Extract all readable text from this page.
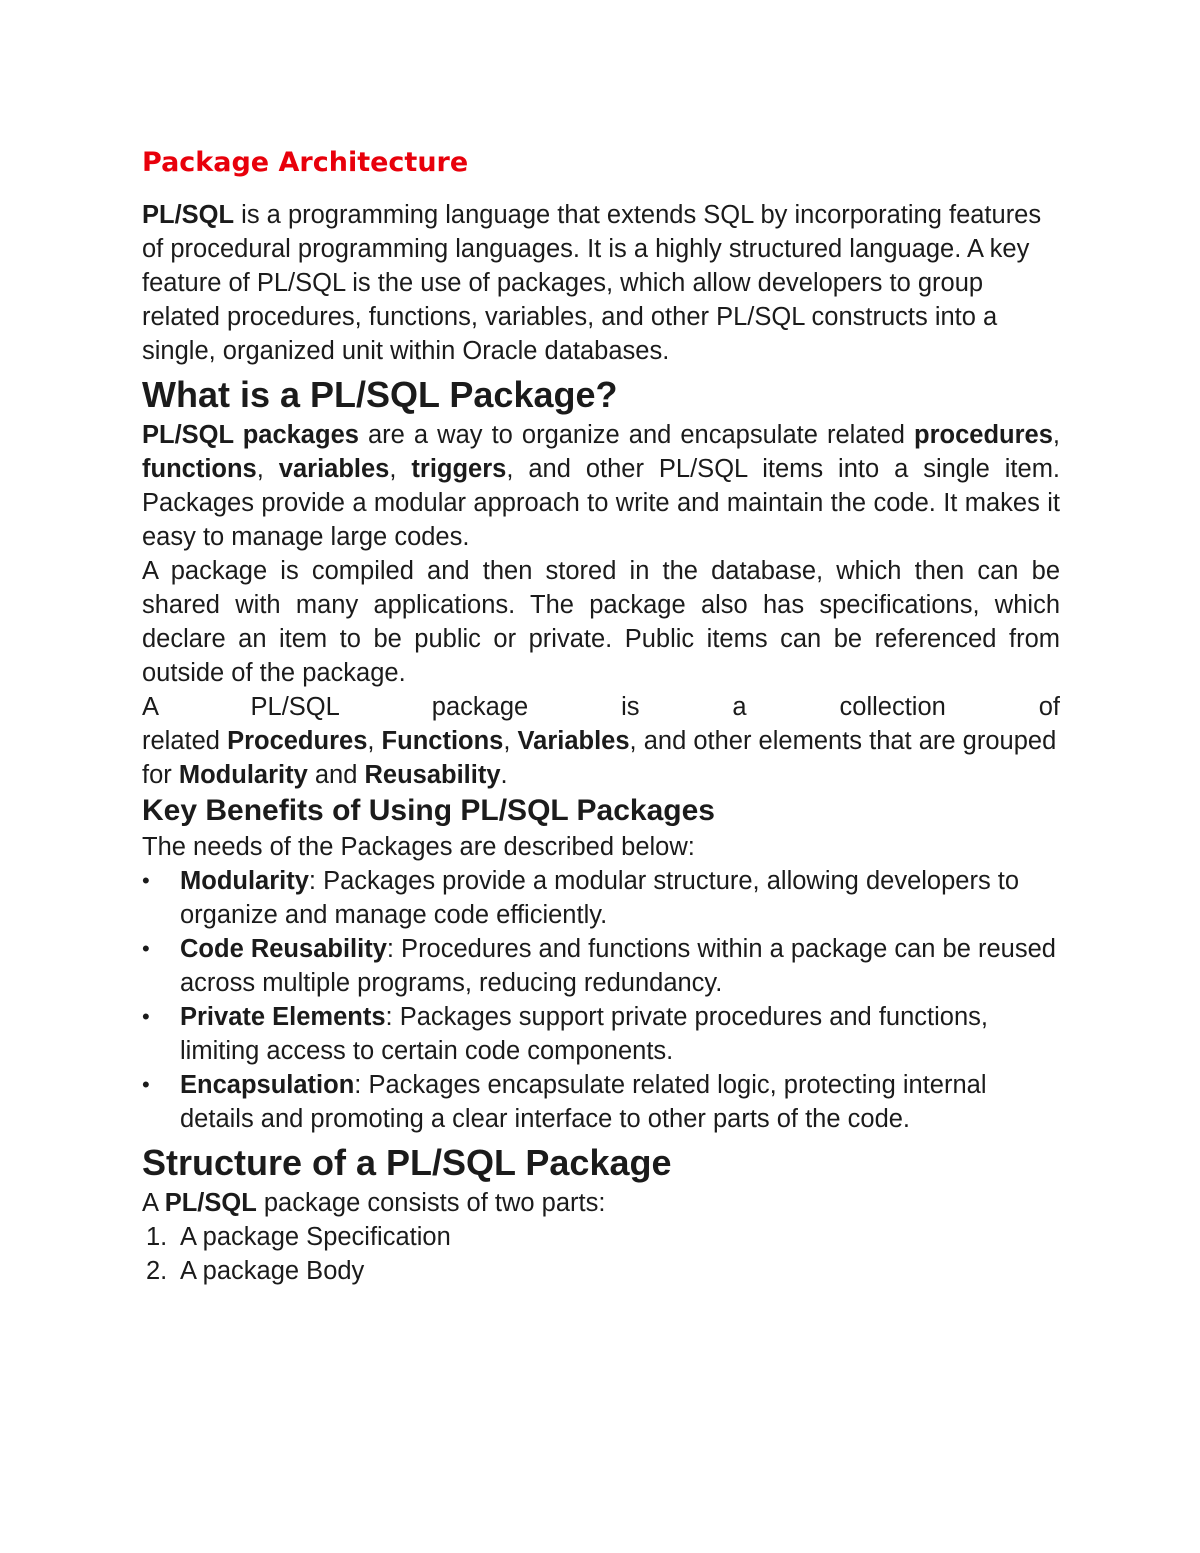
Package Architecture

PL/SQL is a programming language that extends SQL by incorporating features of procedural programming languages. It is a highly structured language. A key feature of PL/SQL is the use of packages, which allow developers to group related procedures, functions, variables, and other PL/SQL constructs into a single, organized unit within Oracle databases.

What is a PL/SQL Package?

PL/SQL packages are a way to organize and encapsulate related procedures, functions, variables, triggers, and other PL/SQL items into a single item. Packages provide a modular approach to write and maintain the code. It makes it easy to manage large codes.

A package is compiled and then stored in the database, which then can be shared with many applications. The package also has specifications, which declare an item to be public or private. Public items can be referenced from outside of the package.

A PL/SQL package is a collection of

related Procedures, Functions, Variables, and other elements that are grouped for Modularity and Reusability.

Key Benefits of Using PL/SQL Packages

The needs of the Packages are described below:

• Modularity: Packages provide a modular structure, allowing developers to organize and manage code efficiently.
• Code Reusability: Procedures and functions within a package can be reused across multiple programs, reducing redundancy.
• Private Elements: Packages support private procedures and functions, limiting access to certain code components.
• Encapsulation: Packages encapsulate related logic, protecting internal details and promoting a clear interface to other parts of the code.
Structure of a PL/SQL Package

A PL/SQL package consists of two parts:

1. A package Specification
2. A package Body
